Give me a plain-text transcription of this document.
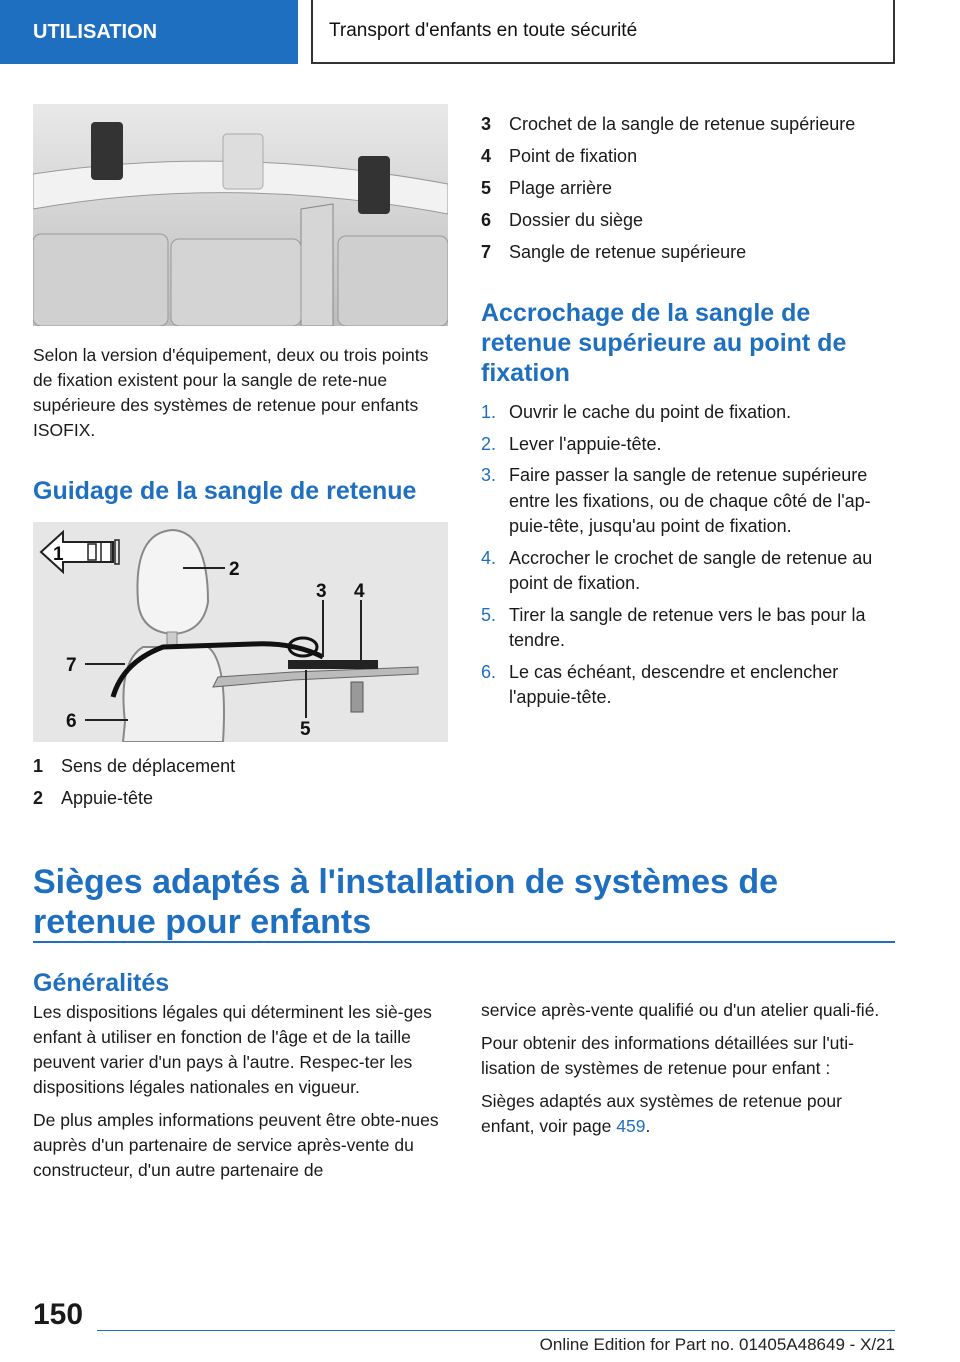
UTILISATION	Transport d'enfants en toute sécurité

Selon la version d'équipement, deux ou trois points de fixation existent pour la sangle de rete-nue supérieure des systèmes de retenue pour enfants ISOFIX.

Guidage de la sangle de retenue
1
2
3 4
5
6
7
1 Sens de déplacement
2 Appuie-tête
3 Crochet de la sangle de retenue supérieure
4 Point de fixation
5 Plage arrière
6 Dossier du siège
7 Sangle de retenue supérieure
Accrochage de la sangle de retenue supérieure au point de fixation
1. Ouvrir le cache du point de fixation.
2. Lever l'appuie-tête.
3. Faire passer la sangle de retenue supérieure entre les fixations, ou de chaque côté de l'ap-puie-tête, jusqu'au point de fixation.
4. Accrocher le crochet de sangle de retenue au point de fixation.
5. Tirer la sangle de retenue vers le bas pour la tendre.
6. Le cas échéant, descendre et enclencher l'appuie-tête.
Sièges adaptés à l'installation de systèmes de retenue pour enfants
Généralités

Les dispositions légales qui déterminent les siè-ges enfant à utiliser en fonction de l'âge et de la taille peuvent varier d'un pays à l'autre. Respec-ter les dispositions légales nationales en vigueur.

De plus amples informations peuvent être obte-nues auprès d'un partenaire de service après-vente du constructeur, d'un autre partenaire de

service après-vente qualifié ou d'un atelier quali-fié.

Pour obtenir des informations détaillées sur l'uti-lisation de systèmes de retenue pour enfant :

Sièges adaptés aux systèmes de retenue pour enfant, voir page 459.

150
Online Edition for Part no. 01405A48649 - X/21
